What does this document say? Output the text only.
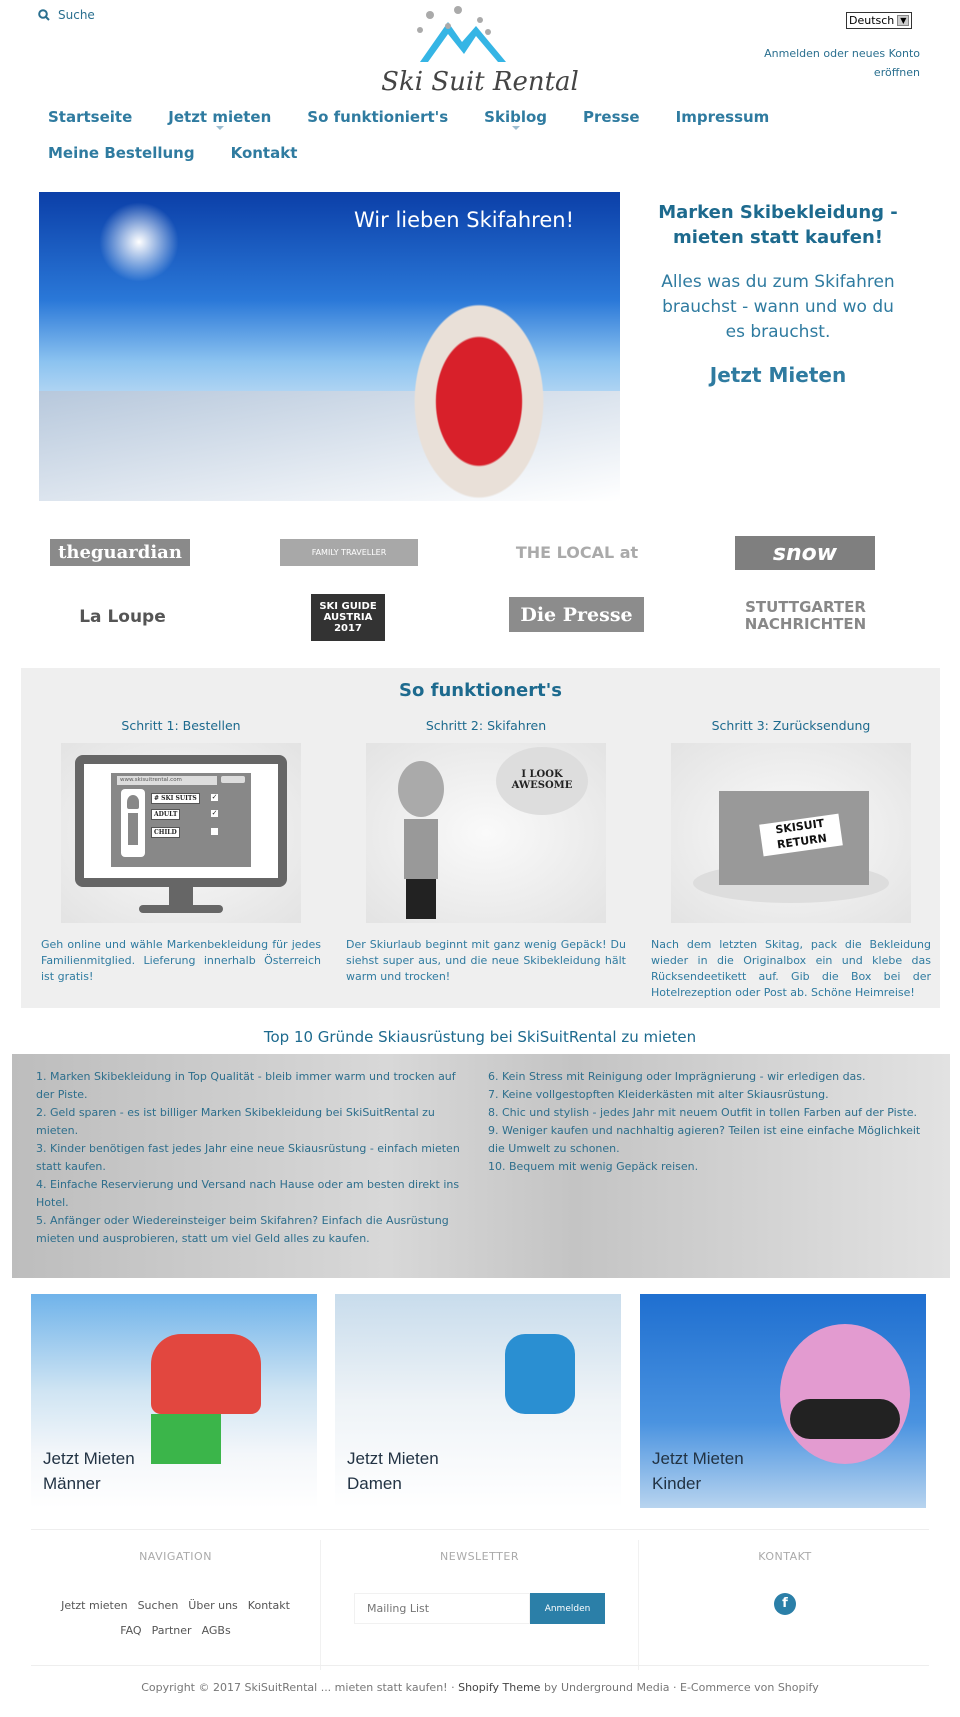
Suche
Ski Suit Rental
Deutsch ▼
Anmelden oder neues Konto eröffnen
Startseite Jetzt mieten So funktioniert's Skiblog Presse Impressum
Meine Bestellung Kontakt
Wir lieben Skifahren!	Marken Skibekleidung - mieten statt kaufen!

Alles was du zum Skifahren brauchst - wann und wo du es brauchst.

Jetzt Mieten
theguardian	FAMILY TRAVELLER	THE LOCAL at	snow
La Loupe
SKI GUIDE AUSTRIA 2017
Die Presse	STUTTGARTER NACHRICHTEN
So funktionert's
Schritt 1: Bestellen
www.skisuitrental.com
# SKI SUITS	✓
ADULT	✓
CHILD

Geh online und wähle Markenbekleidung für jedes Familienmitglied. Lieferung innerhalb Österreich ist gratis!

Schritt 2: Skifahren
I LOOK AWESOME

Der Skiurlaub beginnt mit ganz wenig Gepäck! Du siehst super aus, und die neue Skibekleidung hält warm und trocken!

Schritt 3: Zurücksendung
SKISUIT RETURN

Nach dem letzten Skitag, pack die Bekleidung wieder in die Originalbox ein und klebe das Rücksendeetikett auf. Gib die Box bei der Hotelrezeption oder Post ab. Schöne Heimreise!

Top 10 Gründe Skiausrüstung bei SkiSuitRental zu mieten
1. Marken Skibekleidung in Top Qualität - bleib immer warm und trocken auf der Piste.
2. Geld sparen - es ist billiger Marken Skibekleidung bei SkiSuitRental zu mieten.
3. Kinder benötigen fast jedes Jahr eine neue Skiausrüstung - einfach mieten statt kaufen.
4. Einfache Reservierung und Versand nach Hause oder am besten direkt ins Hotel.
5. Anfänger oder Wiedereinsteiger beim Skifahren? Einfach die Ausrüstung mieten und ausprobieren, statt um viel Geld alles zu kaufen.
6. Kein Stress mit Reinigung oder Imprägnierung - wir erledigen das.
7. Keine vollgestopften Kleiderkästen mit alter Skiausrüstung.
8. Chic und stylish - jedes Jahr mit neuem Outfit in tollen Farben auf der Piste.
9. Weniger kaufen und nachhaltig agieren? Teilen ist eine einfache Möglichkeit die Umwelt zu schonen.
10. Bequem mit wenig Gepäck reisen.
Jetzt Mieten
Männer
Jetzt Mieten
Damen
Jetzt Mieten
Kinder
NAVIGATION
Jetzt mieten Suchen Über uns Kontakt
FAQ Partner AGBs
NEWSLETTER
Mailing List
Anmelden
KONTAKT
f
Copyright © 2017 SkiSuitRental ... mieten statt kaufen! · Shopify Theme by Underground Media · E-Commerce von Shopify
